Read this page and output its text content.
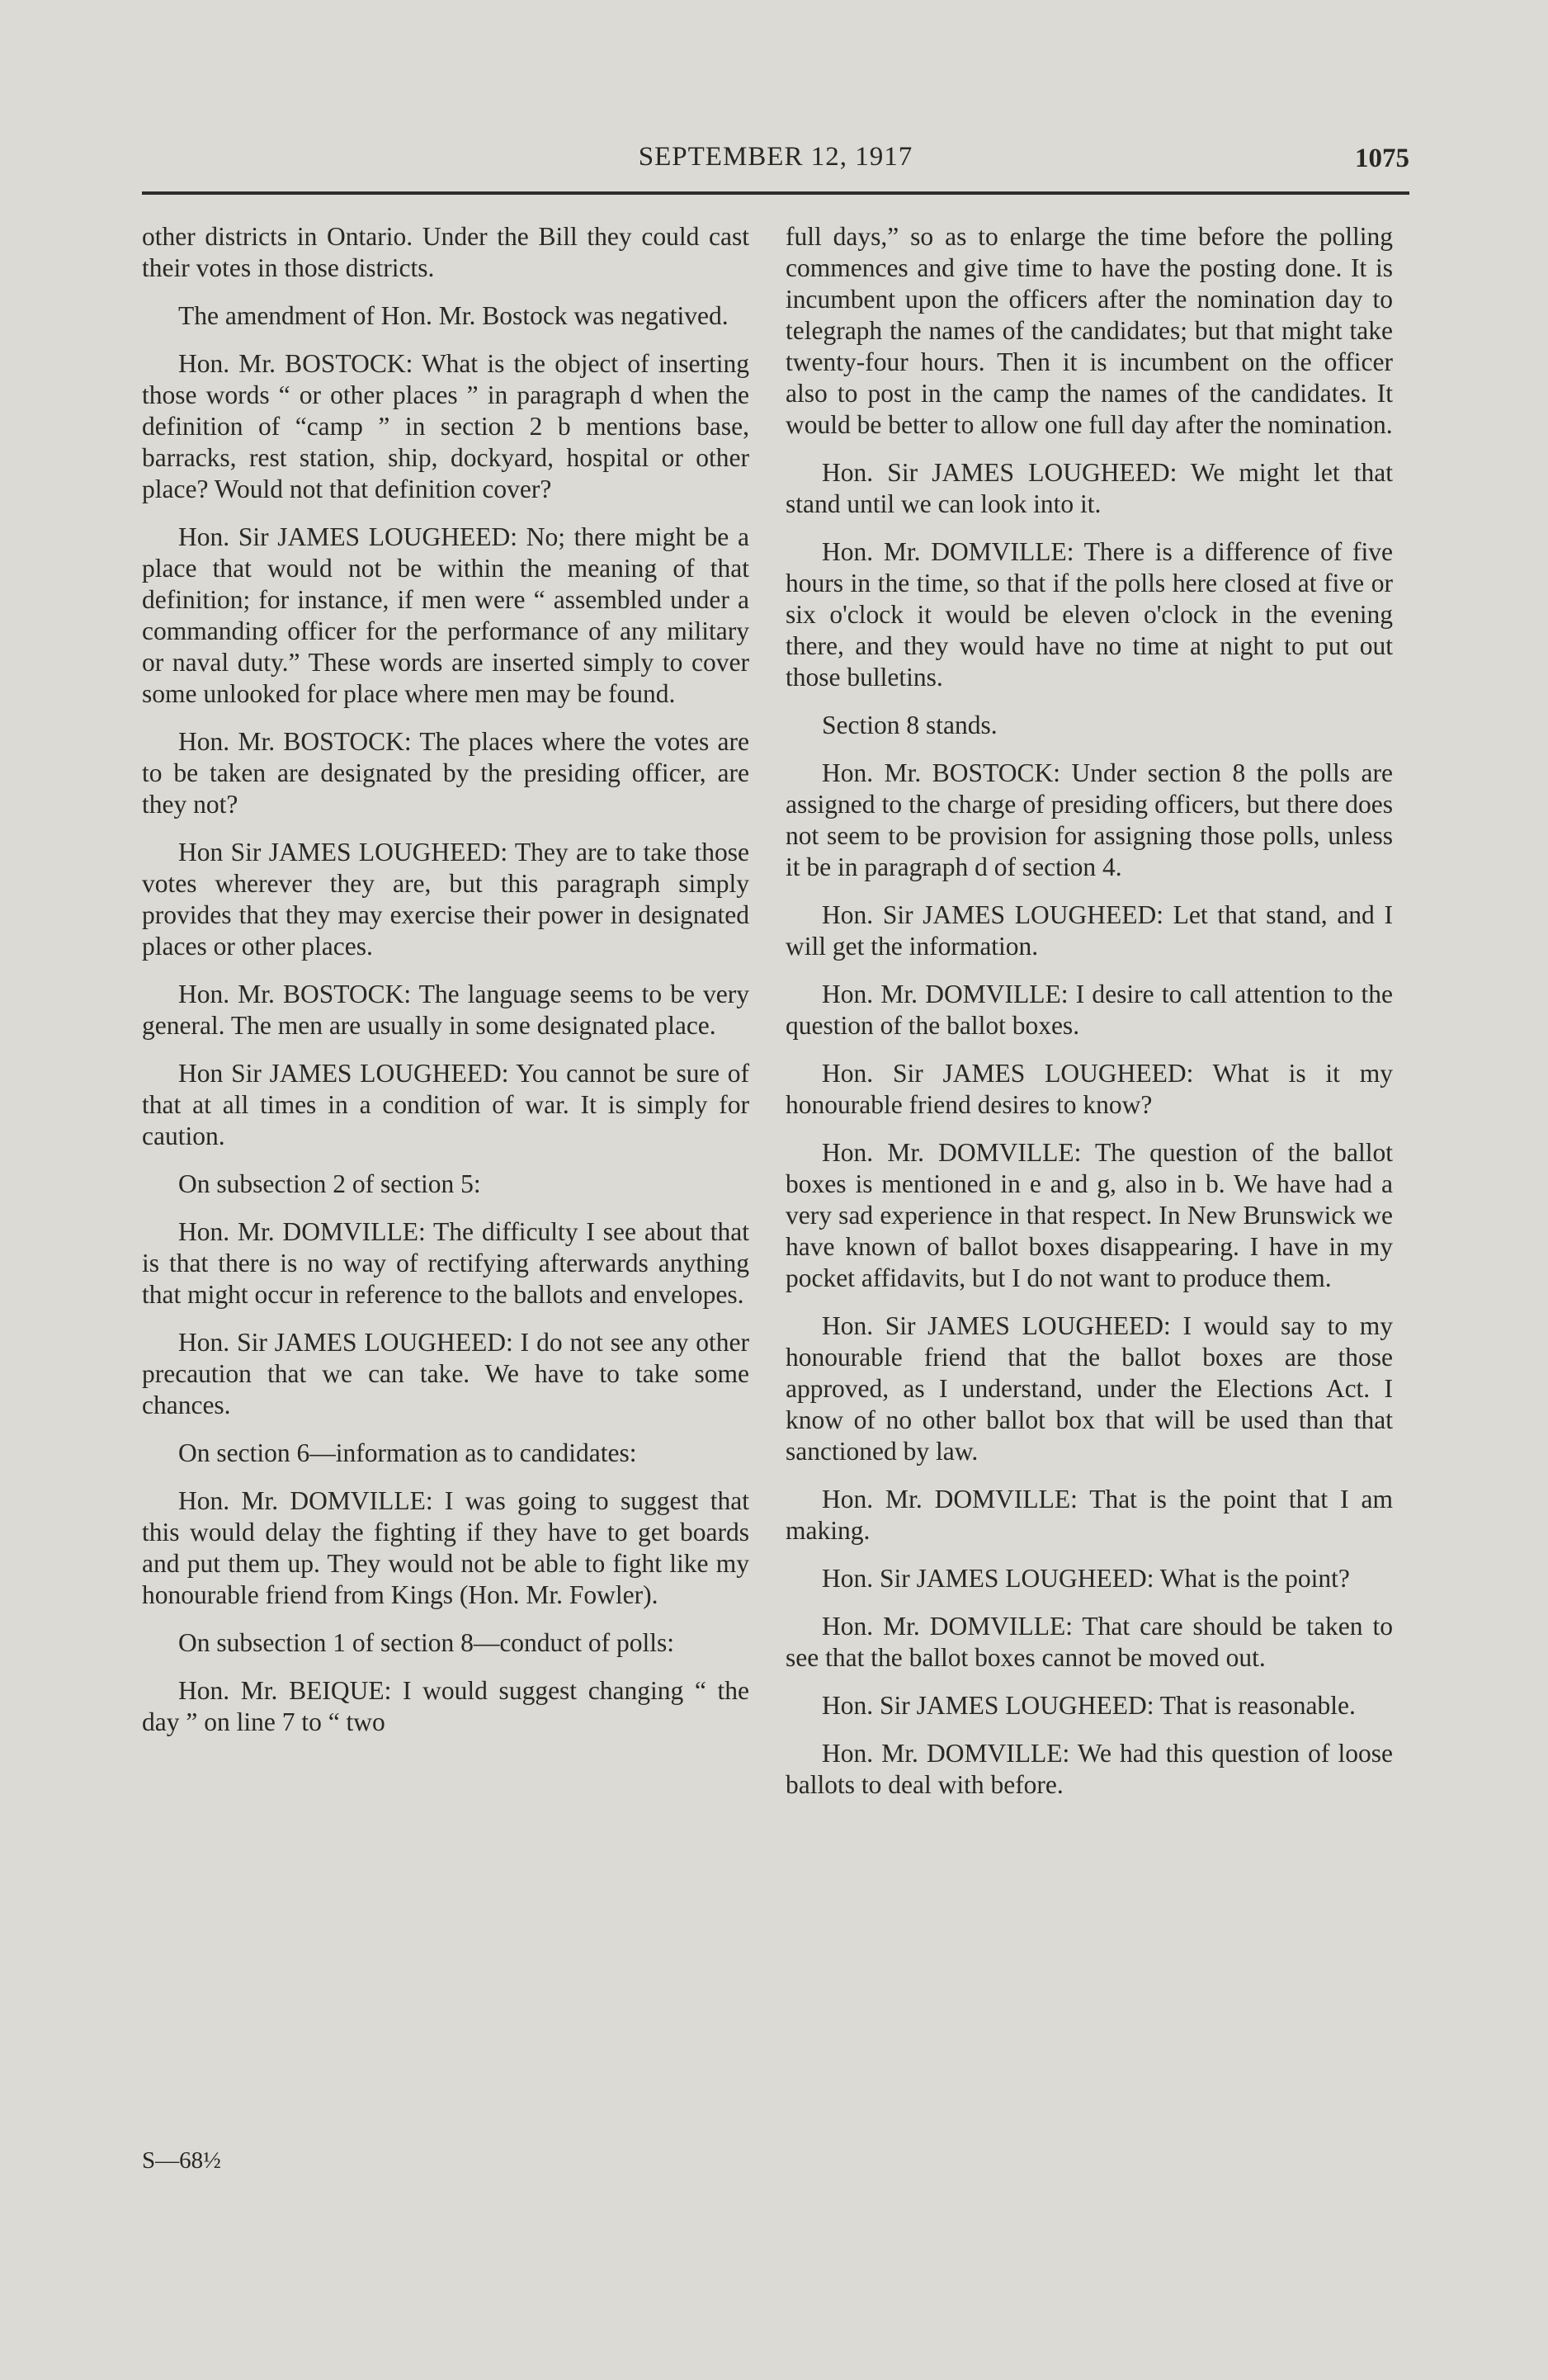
SEPTEMBER 12, 1917	1075

other districts in Ontario. Under the Bill they could cast their votes in those districts.

The amendment of Hon. Mr. Bostock was negatived.

Hon. Mr. BOSTOCK: What is the object of inserting those words “ or other places ” in paragraph d when the definition of “camp ” in section 2 b mentions base, barracks, rest station, ship, dockyard, hospital or other place? Would not that definition cover?

Hon. Sir JAMES LOUGHEED: No; there might be a place that would not be within the meaning of that definition; for instance, if men were “ assembled under a commanding officer for the performance of any military or naval duty.” These words are inserted simply to cover some unlooked for place where men may be found.

Hon. Mr. BOSTOCK: The places where the votes are to be taken are designated by the presiding officer, are they not?

Hon Sir JAMES LOUGHEED: They are to take those votes wherever they are, but this paragraph simply provides that they may exercise their power in designated places or other places.

Hon. Mr. BOSTOCK: The language seems to be very general. The men are usually in some designated place.

Hon Sir JAMES LOUGHEED: You cannot be sure of that at all times in a condition of war. It is simply for caution.

On subsection 2 of section 5:

Hon. Mr. DOMVILLE: The difficulty I see about that is that there is no way of rectifying afterwards anything that might occur in reference to the ballots and envelopes.

Hon. Sir JAMES LOUGHEED: I do not see any other precaution that we can take. We have to take some chances.

On section 6—information as to candidates:

Hon. Mr. DOMVILLE: I was going to suggest that this would delay the fighting if they have to get boards and put them up. They would not be able to fight like my honourable friend from Kings (Hon. Mr. Fowler).

On subsection 1 of section 8—conduct of polls:

Hon. Mr. BEIQUE: I would suggest changing “ the day ” on line 7 to “ two

S—68½

full days,” so as to enlarge the time before the polling commences and give time to have the posting done. It is incumbent upon the officers after the nomination day to telegraph the names of the candidates; but that might take twenty-four hours. Then it is incumbent on the officer also to post in the camp the names of the candidates. It would be better to allow one full day after the nomination.

Hon. Sir JAMES LOUGHEED: We might let that stand until we can look into it.

Hon. Mr. DOMVILLE: There is a difference of five hours in the time, so that if the polls here closed at five or six o'clock it would be eleven o'clock in the evening there, and they would have no time at night to put out those bulletins.

Section 8 stands.

Hon. Mr. BOSTOCK: Under section 8 the polls are assigned to the charge of presiding officers, but there does not seem to be provision for assigning those polls, unless it be in paragraph d of section 4.

Hon. Sir JAMES LOUGHEED: Let that stand, and I will get the information.

Hon. Mr. DOMVILLE: I desire to call attention to the question of the ballot boxes.

Hon. Sir JAMES LOUGHEED: What is it my honourable friend desires to know?

Hon. Mr. DOMVILLE: The question of the ballot boxes is mentioned in e and g, also in b. We have had a very sad experience in that respect. In New Brunswick we have known of ballot boxes disappearing. I have in my pocket affidavits, but I do not want to produce them.

Hon. Sir JAMES LOUGHEED: I would say to my honourable friend that the ballot boxes are those approved, as I understand, under the Elections Act. I know of no other ballot box that will be used than that sanctioned by law.

Hon. Mr. DOMVILLE: That is the point that I am making.

Hon. Sir JAMES LOUGHEED: What is the point?

Hon. Mr. DOMVILLE: That care should be taken to see that the ballot boxes cannot be moved out.

Hon. Sir JAMES LOUGHEED: That is reasonable.

Hon. Mr. DOMVILLE: We had this question of loose ballots to deal with before.
